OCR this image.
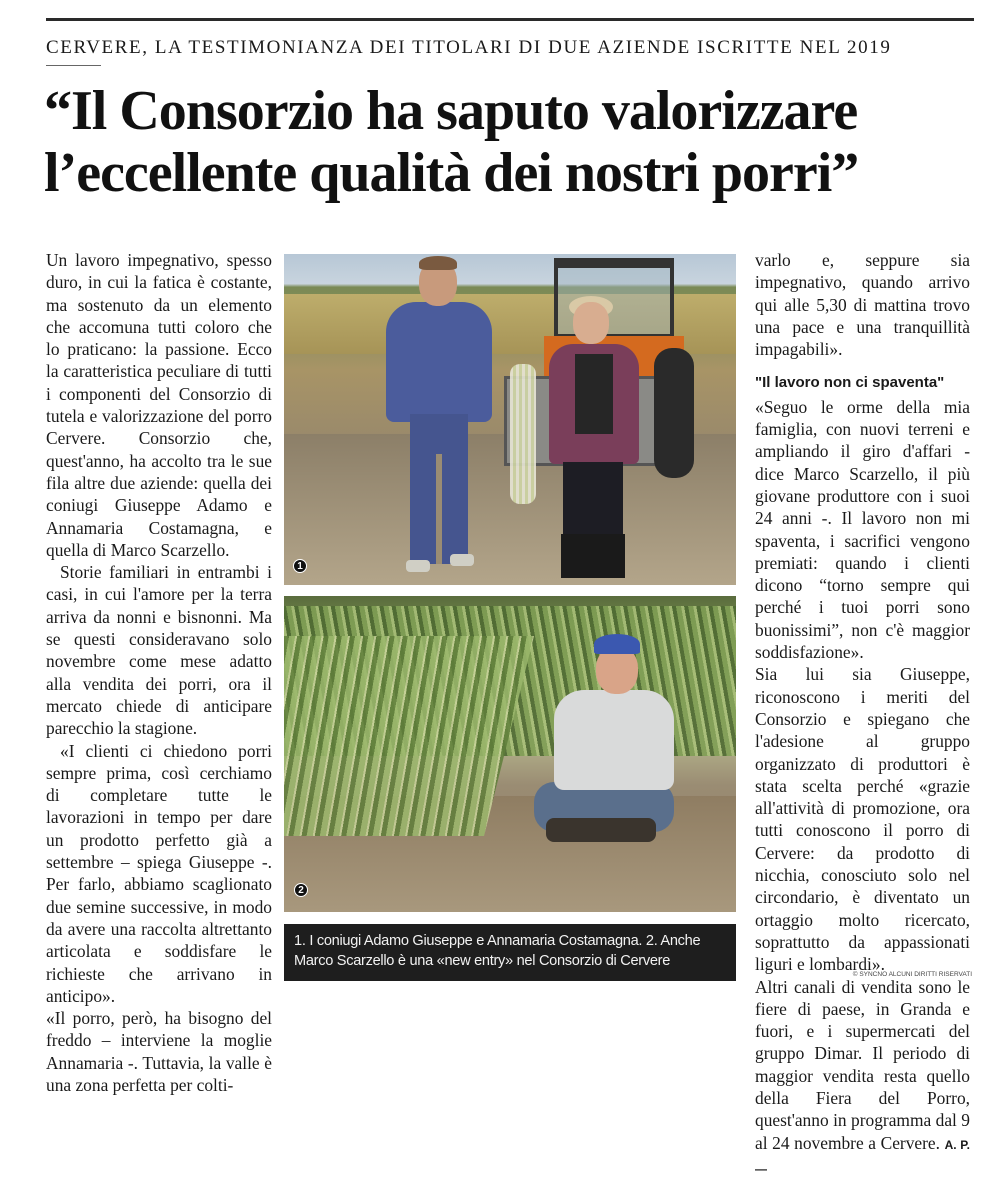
CERVERE, LA TESTIMONIANZA DEI TITOLARI DI DUE AZIENDE ISCRITTE NEL 2019
“Il Consorzio ha saputo valorizzare
l’eccellente qualità dei nostri porri”

Un lavoro impegnativo, spesso duro, in cui la fatica è costante, ma sostenuto da un elemento che accomuna tutti coloro che lo praticano: la passione. Ecco la caratteristica peculiare di tutti i componenti del Consorzio di tutela e valorizzazione del porro Cervere. Consorzio che, quest'anno, ha accolto tra le sue fila altre due aziende: quella dei coniugi Giuseppe Adamo e Annamaria Costamagna, e quella di Marco Scarzello.

Storie familiari in entrambi i casi, in cui l'amore per la terra arriva da nonni e bisnonni. Ma se questi consideravano solo novembre come mese adatto alla vendita dei porri, ora il mercato chiede di anticipare parecchio la stagione.

«I clienti ci chiedono porri sempre prima, così cerchiamo di completare tutte le lavorazioni in tempo per dare un prodotto perfetto già a settembre – spiega Giuseppe -. Per farlo, abbiamo scaglionato due semine successive, in modo da avere una raccolta altrettanto articolata e soddisfare le richieste che arrivano in anticipo».

«Il porro, però, ha bisogno del freddo – interviene la moglie Annamaria -. Tuttavia, la valle è una zona perfetta per colti-

1
2
1. I coniugi Adamo Giuseppe e Annamaria Costamagna. 2. Anche
Marco Scarzello è una «new entry» nel Consorzio di Cervere

varlo e, seppure sia impegnativo, quando arrivo qui alle 5,30 di mattina trovo una pace e una tranquillità impagabili».

"Il lavoro non ci spaventa"

«Seguo le orme della mia famiglia, con nuovi terreni e ampliando il giro d'affari - dice Marco Scarzello, il più giovane produttore con i suoi 24 anni -. Il lavoro non mi spaventa, i sacrifici vengono premiati: quando i clienti dicono “torno sempre qui perché i tuoi porri sono buonissimi”, non c'è maggior soddisfazione».

Sia lui sia Giuseppe, riconoscono i meriti del Consorzio e spiegano che l'adesione al gruppo organizzato di produttori è stata scelta perché «grazie all'attività di promozione, ora tutti conoscono il porro di Cervere: da prodotto di nicchia, conosciuto solo nel circondario, è diventato un ortaggio molto ricercato, soprattutto da appassionati liguri e lombardi».

Altri canali di vendita sono le fiere di paese, in Granda e fuori, e i supermercati del gruppo Dimar. Il periodo di maggior vendita resta quello della Fiera del Porro, quest'anno in programma dal 9 al 24 novembre a Cervere. A. P. —

© SYNCNO ALCUNI DIRITTI RISERVATI
